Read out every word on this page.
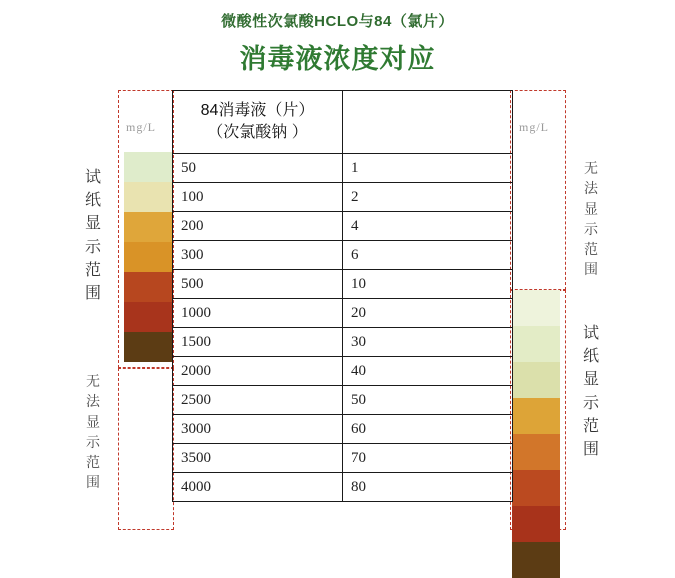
微酸性次氯酸HCLO与84（氯片）
消毒液浓度对应
mg/L	mg/L
试
纸
显
示
范
围
无
法
显
示
范
围
无
法
显
示
范
围
试
纸
显
示
范
围
84消毒液（片）
（次氯酸钠 ）	

50	1
100	2
200	4
300	6
500	10
1000	20
1500	30
2000	40
2500	50
3000	60
3500	70
4000	80
